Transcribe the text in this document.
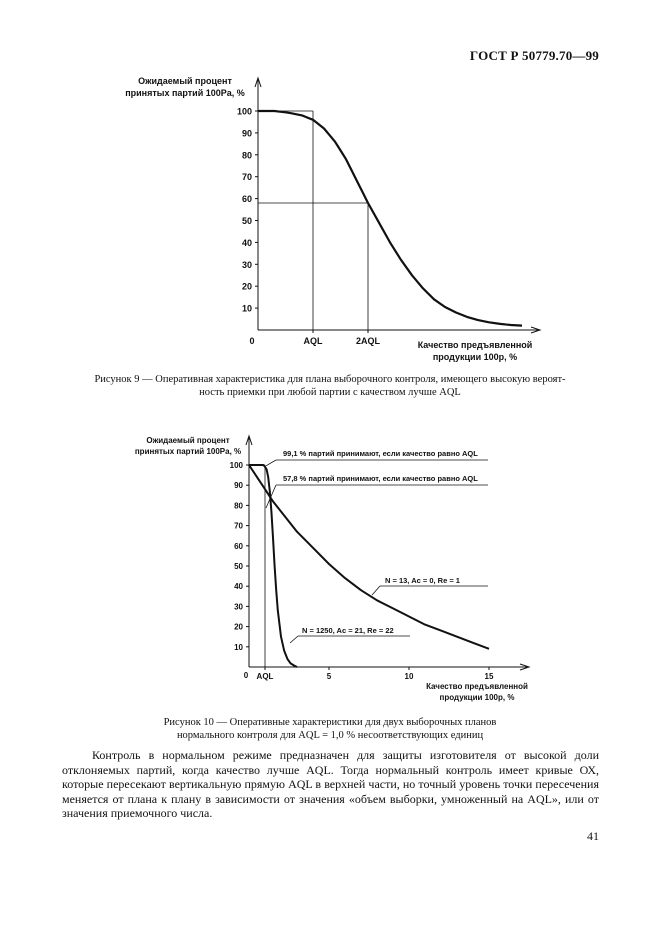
ГОСТ Р 50779.70—99
Ожидаемый процент
принятых партий 100Pa, %
0	Качество предъявленной
продукции 100p, %
10
20
30
40
50
60
70
80
90
100
AQL	2AQL
Рисунок 9 — Оперативная характеристика для плана выборочного контроля, имеющего высокую вероят-
ность приемки при любой партии с качеством лучше AQL
Ожидаемый процент
принятых партий 100Pa, %
0
Качество предъявленной
продукции 100p, %
10
20
30
40
50
60
70
80
90
100
AQL	5	10	15
99,1 % партий принимают, если качество равно AQL
57,8 % партий принимают, если качество равно AQL
N = 13, Ac = 0, Re = 1
N = 1250, Ac = 21, Re = 22
Рисунок 10 — Оперативные характеристики для двух выборочных планов
нормального контроля для AQL = 1,0 % несоответствующих единиц

Контроль в нормальном режиме предназначен для защиты изготовителя от высокой доли отклоняемых партий, когда качество лучше AQL. Тогда нормальный контроль имеет кривые ОХ, которые пересекают вертикальную прямую AQL в верхней части, но точный уровень точки пересечения меняется от плана к плану в зависимости от значения «объем выборки, умноженный на AQL», или от значения приемочного числа.

41
